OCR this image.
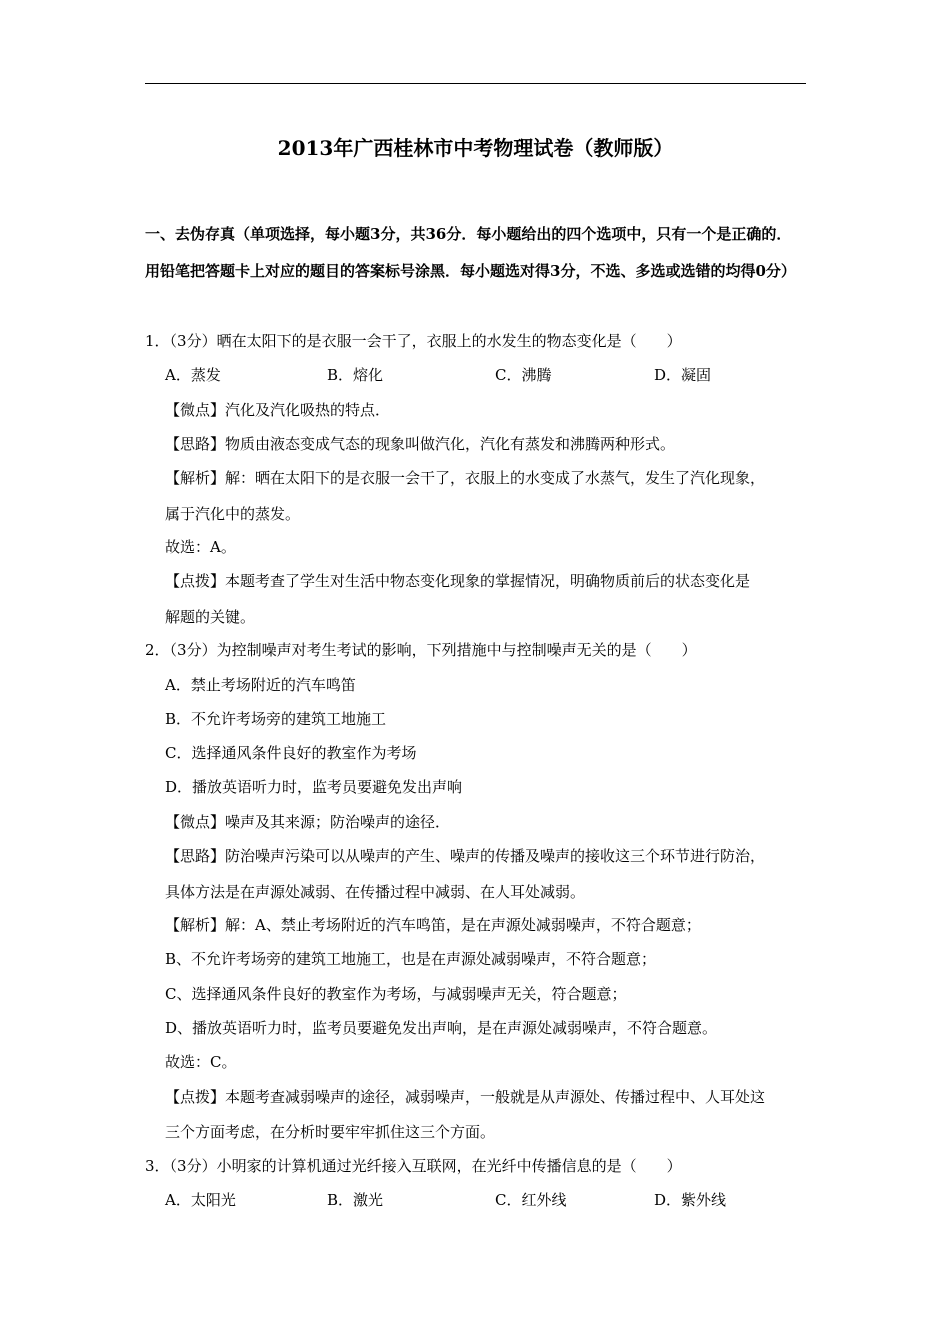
2013年广西桂林市中考物理试卷（教师版）
一、去伪存真（单项选择，每小题3分，共36分．每小题给出的四个选项中，只有一个是正确的．用铅笔把答题卡上对应的题目的答案标号涂黑．每小题选对得3分，不选、多选或选错的均得0分）
1．（3分）晒在太阳下的是衣服一会干了，衣服上的水发生的物态变化是（　　）
A．蒸发	B．熔化	C．沸腾	D．凝固
【微点】汽化及汽化吸热的特点．
【思路】物质由液态变成气态的现象叫做汽化，汽化有蒸发和沸腾两种形式。
【解析】解：晒在太阳下的是衣服一会干了，衣服上的水变成了水蒸气，发生了汽化现象，
属于汽化中的蒸发。
故选：A。
【点拨】本题考查了学生对生活中物态变化现象的掌握情况，明确物质前后的状态变化是
解题的关键。
2．（3分）为控制噪声对考生考试的影响，下列措施中与控制噪声无关的是（　　）
A．禁止考场附近的汽车鸣笛
B．不允许考场旁的建筑工地施工
C．选择通风条件良好的教室作为考场
D．播放英语听力时，监考员要避免发出声响
【微点】噪声及其来源；防治噪声的途径．
【思路】防治噪声污染可以从噪声的产生、噪声的传播及噪声的接收这三个环节进行防治，
具体方法是在声源处减弱、在传播过程中减弱、在人耳处减弱。
【解析】解：A、禁止考场附近的汽车鸣笛，是在声源处减弱噪声，不符合题意；
B、不允许考场旁的建筑工地施工，也是在声源处减弱噪声，不符合题意；
C、选择通风条件良好的教室作为考场，与减弱噪声无关，符合题意；
D、播放英语听力时，监考员要避免发出声响，是在声源处减弱噪声，不符合题意。
故选：C。
【点拨】本题考查减弱噪声的途径，减弱噪声，一般就是从声源处、传播过程中、人耳处这
三个方面考虑，在分析时要牢牢抓住这三个方面。
3．（3分）小明家的计算机通过光纤接入互联网，在光纤中传播信息的是（　　）
A．太阳光	B．激光	C．红外线	D．紫外线
